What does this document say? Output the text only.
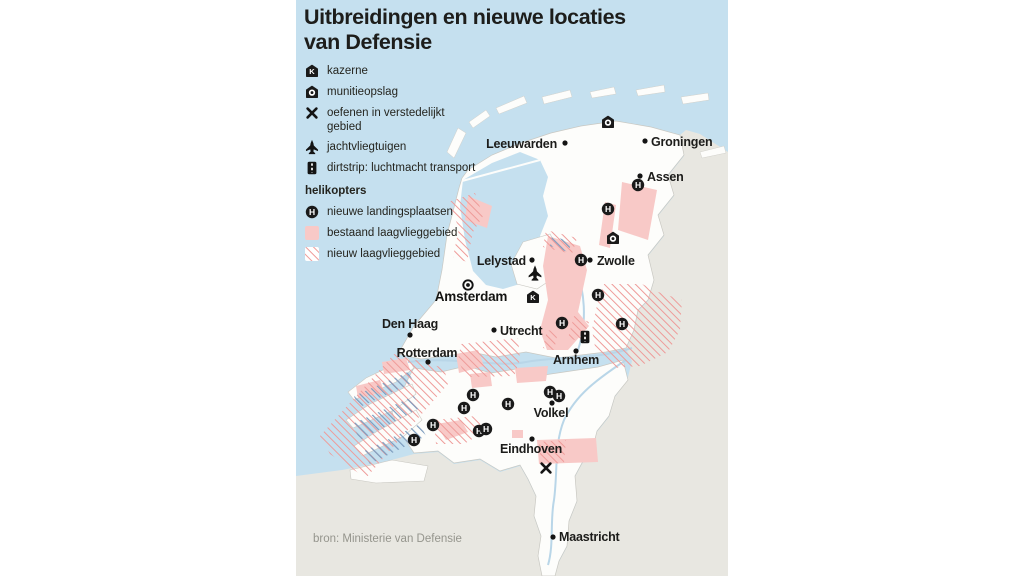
Leeuwarden	Groningen
Assen
Zwolle
Lelystad
Amsterdam
Utrecht
Den Haag
Rotterdam	Arnhem
Volkel
Eindhoven
Maastricht
Uitbreidingen en nieuwe locaties van Defensie
kazerne
munitieopslag
oefenen in verstedelijkt gebied
jachtvliegtuigen
dirtstrip: luchtmacht transport
helikopters
nieuwe landingsplaatsen
bestaand laagvlieggebied
nieuw laagvlieggebied
bron: Ministerie van Defensie
